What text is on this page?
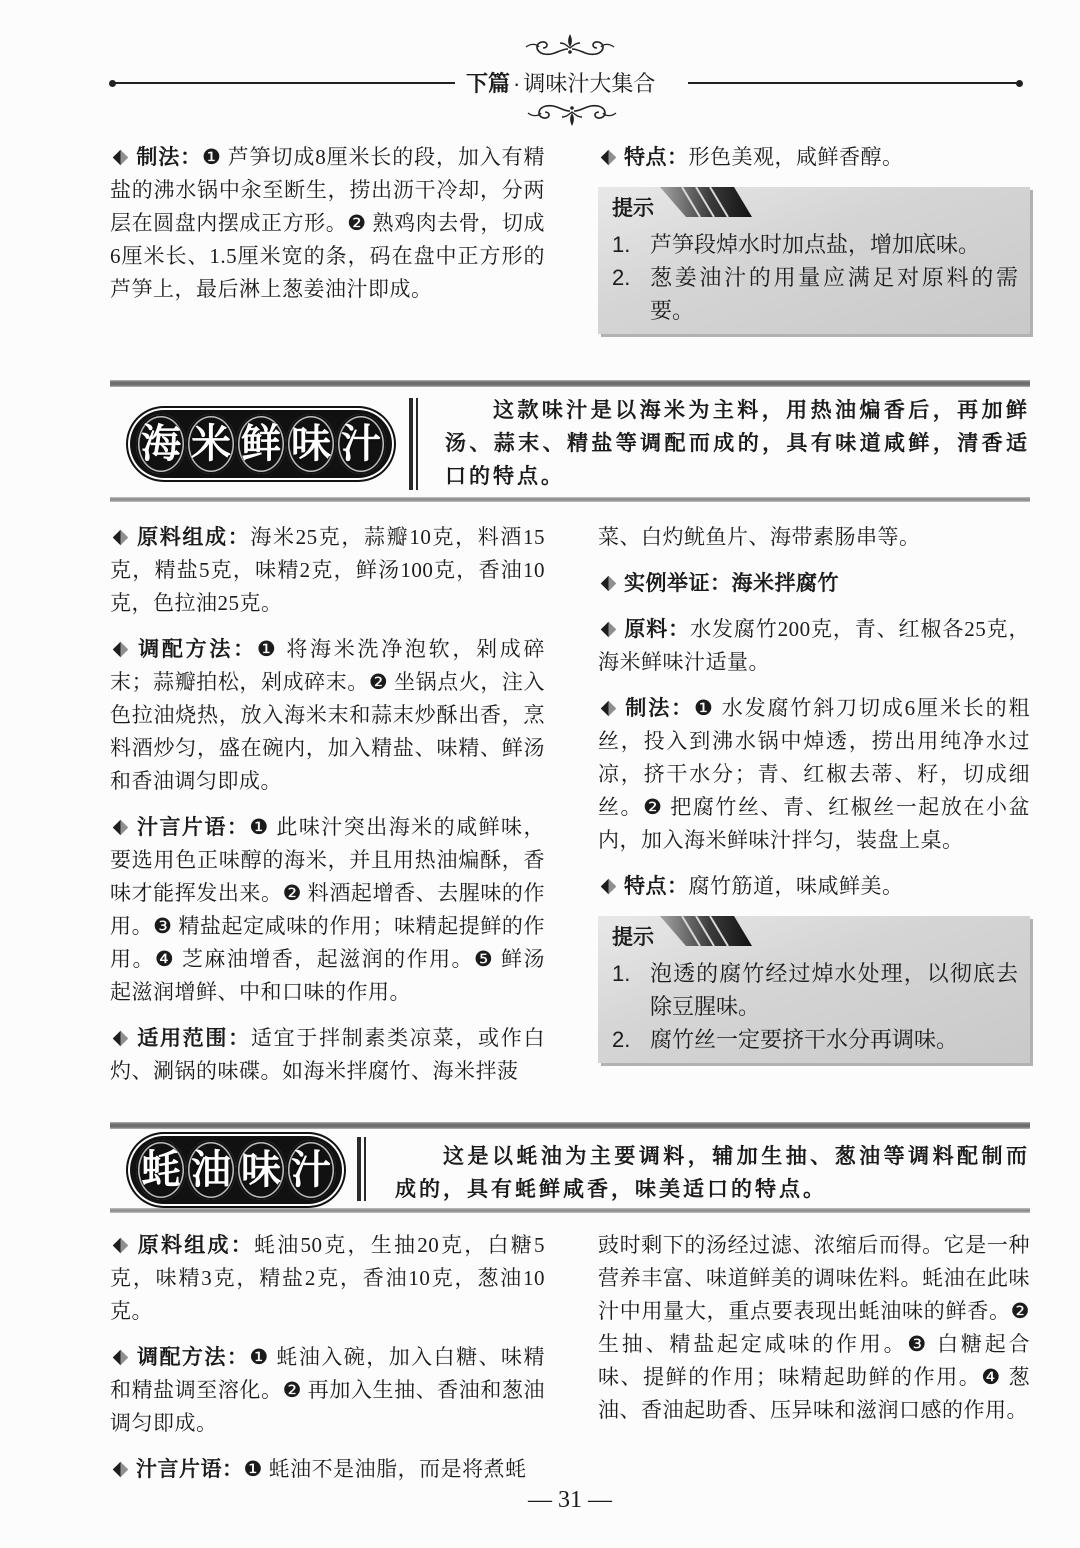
下篇 · 调味汁大集合

制法：❶ 芦笋切成8厘米长的段，加入有精盐的沸水锅中汆至断生，捞出沥干冷却，分两层在圆盘内摆成正方形。❷ 熟鸡肉去骨，切成6厘米长、1.5厘米宽的条，码在盘中正方形的芦笋上，最后淋上葱姜油汁即成。

特点：形色美观，咸鲜香醇。

提示
1. 芦笋段焯水时加点盐，增加底味。
2. 葱姜油汁的用量应满足对原料的需要。
海 米 鲜 味 汁

这款味汁是以海米为主料，用热油煸香后，再加鲜汤、蒜末、精盐等调配而成的，具有味道咸鲜，清香适口的特点。

原料组成：海米25克，蒜瓣10克，料酒15克，精盐5克，味精2克，鲜汤100克，香油10克，色拉油25克。

调配方法：❶ 将海米洗净泡软，剁成碎末；蒜瓣拍松，剁成碎末。❷ 坐锅点火，注入色拉油烧热，放入海米末和蒜末炒酥出香，烹料酒炒匀，盛在碗内，加入精盐、味精、鲜汤和香油调匀即成。

汁言片语：❶ 此味汁突出海米的咸鲜味，要选用色正味醇的海米，并且用热油煸酥，香味才能挥发出来。❷ 料酒起增香、去腥味的作用。❸ 精盐起定咸味的作用；味精起提鲜的作用。❹ 芝麻油增香，起滋润的作用。❺ 鲜汤起滋润增鲜、中和口味的作用。

适用范围：适宜于拌制素类凉菜，或作白灼、涮锅的味碟。如海米拌腐竹、海米拌菠

菜、白灼鱿鱼片、海带素肠串等。

实例举证：海米拌腐竹

原料：水发腐竹200克，青、红椒各25克，海米鲜味汁适量。

制法：❶ 水发腐竹斜刀切成6厘米长的粗丝，投入到沸水锅中焯透，捞出用纯净水过凉，挤干水分；青、红椒去蒂、籽，切成细丝。❷ 把腐竹丝、青、红椒丝一起放在小盆内，加入海米鲜味汁拌匀，装盘上桌。

特点：腐竹筋道，味咸鲜美。

提示
1. 泡透的腐竹经过焯水处理，以彻底去除豆腥味。
2. 腐竹丝一定要挤干水分再调味。
蚝 油 味 汁	这是以蚝油为主要调料，辅加生抽、葱油等调料配制而成的，具有蚝鲜咸香，味美适口的特点。

原料组成：蚝油50克，生抽20克，白糖5克，味精3克，精盐2克，香油10克，葱油10克。

调配方法：❶ 蚝油入碗，加入白糖、味精和精盐调至溶化。❷ 再加入生抽、香油和葱油调匀即成。

汁言片语：❶ 蚝油不是油脂，而是将煮蚝

豉时剩下的汤经过滤、浓缩后而得。它是一种营养丰富、味道鲜美的调味佐料。蚝油在此味汁中用量大，重点要表现出蚝油味的鲜香。❷ 生抽、精盐起定咸味的作用。❸ 白糖起合味、提鲜的作用；味精起助鲜的作用。❹ 葱油、香油起助香、压异味和滋润口感的作用。

— 31 —
